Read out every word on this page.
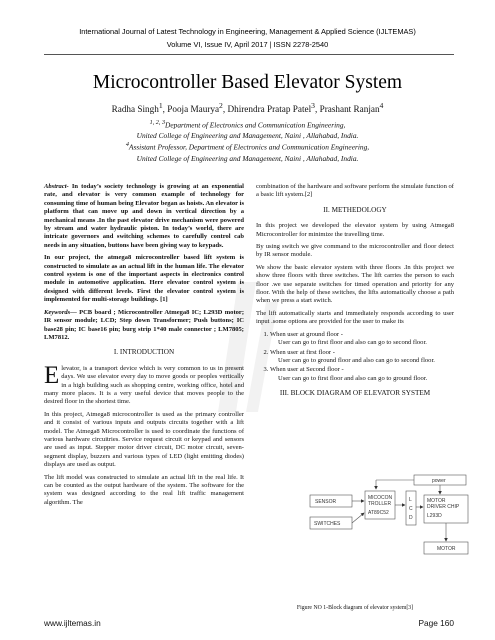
International Journal of Latest Technology in Engineering, Management & Applied Science (IJLTEMAS)
Volume VI, Issue IV, April 2017 | ISSN 2278-2540
Microcontroller Based Elevator System
Radha Singh$^1$, Pooja Maurya$^2$, Dhirendra Pratap Patel$^3$, Prashant Ranjan$^4$
$^{1, 2, 3}$Department of Electronics and Communication Engineering,
United College of Engineering and Management, Naini , Allahabad, India.
$^4$Assistant Professor, Department of Electronics and Communication Engineering,
United College of Engineering and Management, Naini , Allahabad, India.

Abstract- In today’s society technology is growing at an exponential rate, and elevator is very common example of technology for consuming time of human being Elevator began as hoists. An elevator is platform that can move up and down in vertical direction by a mechanical means .In the past elevator drive mechanism were powered by stream and water hydraulic piston. In today’s world, there are intricate governors and switching schemes to carefully control cab needs in any situation, buttons have been giving way to keypads.

In our project, the atmega8 microcontroller based lift system is constructed to simulate as an actual lift in the human life. The elevator control system is one of the important aspects in electronics control module in automotive application. Here elevator control system is designed with different levels. First the elevator control system is implemented for multi-storage buildings. [1]

Keywords— PCB board ; Microcontroller Atmega8 IC; L293D motor; IR sensor module; LCD; Step down Transformer; Push buttons; IC base28 pin; IC base16 pin; burg strip 1*40 male connector ; LM7805; LM7812.

I. INTRODUCTION

Elevator, is a transport device which is very common to us in present days. We use elevator every day to move goods or peoples vertically in a high building such as shopping centre, working office, hotel and many more places. It is a very useful device that moves people to the desired floor in the shortest time.

In this project, Atmega8 microcontroller is used as the primary controller and it consist of various inputs and outputs circuits together with a lift model. The Atmega8 Microcontroller is used to coordinate the functions of various hardware circuitries. Service request circuit or keypad and sensors are used as input. Stepper motor driver circuit, DC motor circuit, seven-segment display, buzzers and various types of LED (light emitting diodes) displays are used as output.

The lift model was constructed to simulate an actual lift in the real life. It can be counted as the output hardware of the system. The software for the system was designed according to the real lift traffic management algorithm. The

combination of the hardware and software perform the simulate function of a basic lift system.[2]

II. METHEDOLOGY

In this project we developed the elevator system by using Atmega8 Microcontroller for minimize the travelling time.

By using switch we give command to the microcontroller and floor detect by IR sensor module.

We show the basic elevator system with three floors .In this project we show three floors with three switches. The lift carries the person to each floor .we use separate switches for timed operation and priority for any floor. With the help of these switches, the lifts automatically choose a path when we press a start switch.

The lift automatically starts and immediately responds according to user input .some options are provided for the user to make its

1. When user at ground floor -
User can go to first floor and also can go to second floor.
2. When user at first floor -
User can go to ground floor and also can go to second floor.
3. When user at Second floor -
User can go to first floor and also can go to ground floor.
III. BLOCK DIAGRAM OF ELEVATOR SYSTEM
power
SENSOR
MICOCON
TROLLER
AT89C52
L
C
D
MOTOR
DRIVER CHIP
L293D
SWITCHES
MOTOR
Figure NO 1-Block diagram of elevator system[3]
www.ijltemas.in	Page 160
